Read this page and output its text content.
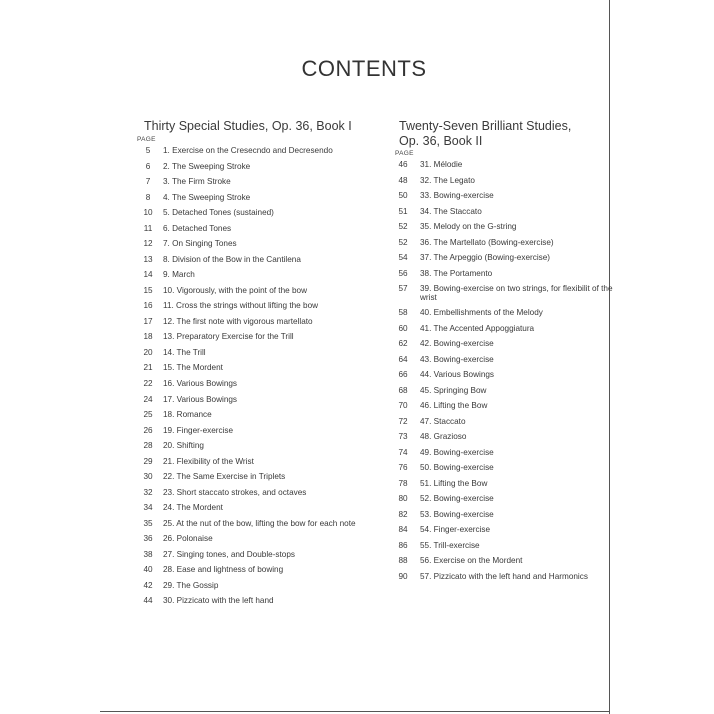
CONTENTS
Thirty Special Studies, Op. 36, Book I
PAGE
5	1. Exercise on the Cresecndo and Decresendo
6	2. The Sweeping Stroke
7	3. The Firm Stroke
8	4. The Sweeping Stroke
10	5. Detached Tones (sustained)
11	6. Detached Tones
12	7. On Singing Tones
13	8. Division of the Bow in the Cantilena
14	9. March
15	10. Vigorously, with the point of the bow
16	11. Cross the strings without lifting the bow
17	12. The first note with vigorous martellato
18	13. Preparatory Exercise for the Trill
20	14. The Trill
21	15. The Mordent
22	16. Various Bowings
24	17. Various Bowings
25	18. Romance
26	19. Finger-exercise
28	20. Shifting
29	21. Flexibility of the Wrist
30	22. The Same Exercise in Triplets
32	23. Short staccato strokes, and octaves
34	24. The Mordent
35	25. At the nut of the bow, lifting the bow for each note
36	26. Polonaise
38	27. Singing tones, and Double-stops
40	28. Ease and lightness of bowing
42	29. The Gossip
44	30. Pizzicato with the left hand
Twenty-Seven Brilliant Studies,
Op. 36, Book II
PAGE
46	31. Mélodie
48	32. The Legato
50	33. Bowing-exercise
51	34. The Staccato
52	35. Melody on the G-string
52	36. The Martellato (Bowing-exercise)
54	37. The Arpeggio (Bowing-exercise)
56	38. The Portamento
57	39. Bowing-exercise on two strings, for flexibilit of the wrist
58	40. Embellishments of the Melody
60	41. The Accented Appoggiatura
62	42. Bowing-exercise
64	43. Bowing-exercise
66	44. Various Bowings
68	45. Springing Bow
70	46. Lifting the Bow
72	47. Staccato
73	48. Grazioso
74	49. Bowing-exercise
76	50. Bowing-exercise
78	51. Lifting the Bow
80	52. Bowing-exercise
82	53. Bowing-exercise
84	54. Finger-exercise
86	55. Trill-exercise
88	56. Exercise on the Mordent
90	57. Pizzicato with the left hand and Harmonics
